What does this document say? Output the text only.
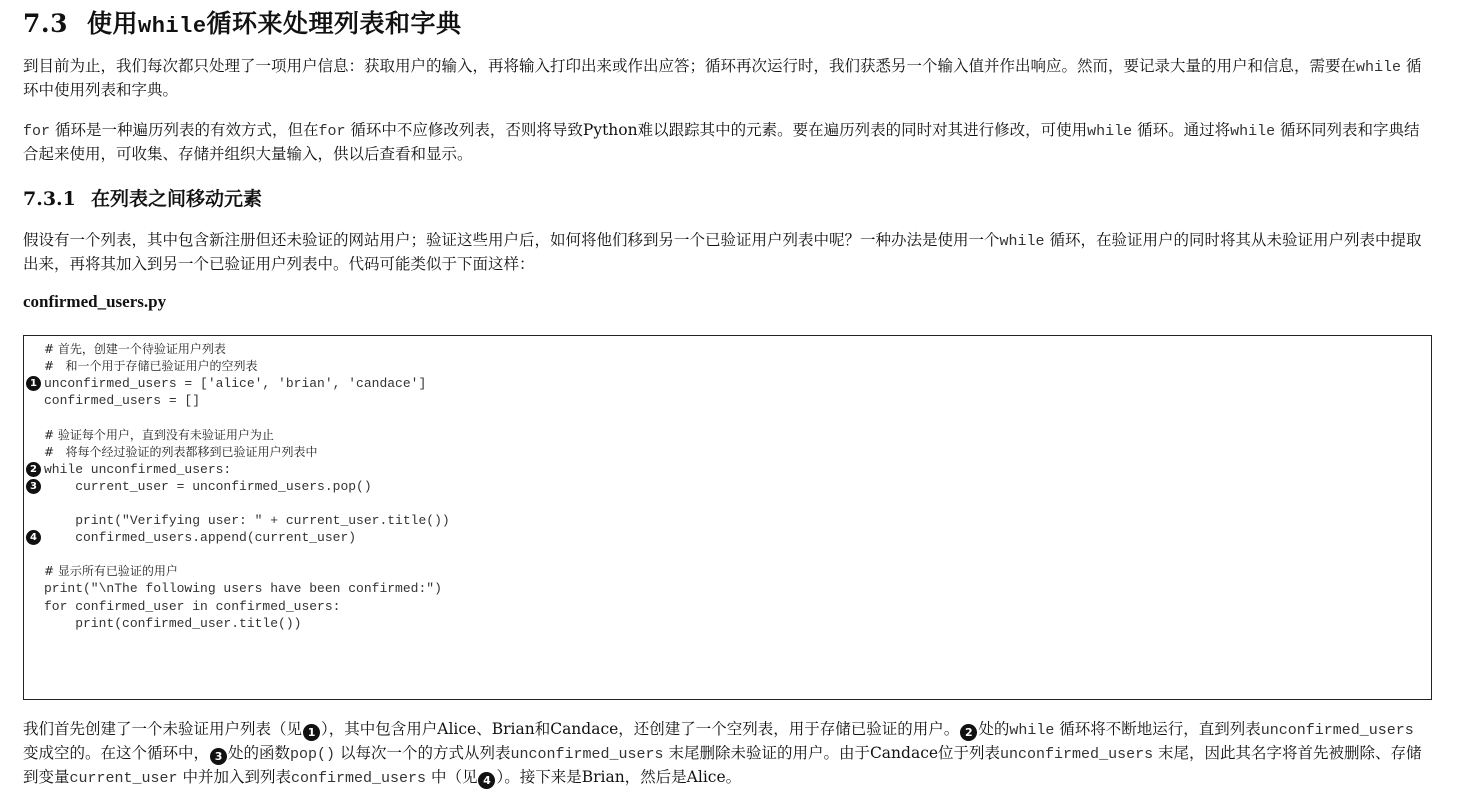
7.3 使用while循环来处理列表和字典

到目前为止，我们每次都只处理了一项用户信息：获取用户的输入，再将输入打印出来或作出应答；循环再次运行时，我们获悉另一个输入值并作出响应。然而，要记录大量的用户和信息，需要在while 循环中使用列表和字典。

for 循环是一种遍历列表的有效方式，但在for 循环中不应修改列表，否则将导致Python难以跟踪其中的元素。要在遍历列表的同时对其进行修改，可使用while 循环。通过将while 循环同列表和字典结合起来使用，可收集、存储并组织大量输入，供以后查看和显示。

7.3.1 在列表之间移动元素

假设有一个列表，其中包含新注册但还未验证的网站用户；验证这些用户后，如何将他们移到另一个已验证用户列表中呢？一种办法是使用一个while 循环，在验证用户的同时将其从未验证用户列表中提取出来，再将其加入到另一个已验证用户列表中。代码可能类似于下面这样：

confirmed_users.py
# 首先，创建一个待验证用户列表
#   和一个用于存储已验证用户的空列表
1 unconfirmed_users = ['alice', 'brian', 'candace']
confirmed_users = []
# 验证每个用户，直到没有未验证用户为止
#   将每个经过验证的列表都移到已验证用户列表中
2 while unconfirmed_users:
3 current_user = unconfirmed_users.pop()
print("Verifying user: " + current_user.title())
4 confirmed_users.append(current_user)
# 显示所有已验证的用户
print("\nThe following users have been confirmed:")
for confirmed_user in confirmed_users:
print(confirmed_user.title())

我们首先创建了一个未验证用户列表（见 1 ），其中包含用户Alice、Brian和Candace，还创建了一个空列表，用于存储已验证的用户。 2 处的while 循环将不断地运行，直到列表unconfirmed_users 变成空的。在这个循环中， 3 处的函数pop() 以每次一个的方式从列表unconfirmed_users 末尾删除未验证的用户。由于Candace位于列表unconfirmed_users 末尾，因此其名字将首先被删除、存储到变量current_user 中并加入到列表confirmed_users 中（见 4 ）。接下来是Brian，然后是Alice。
